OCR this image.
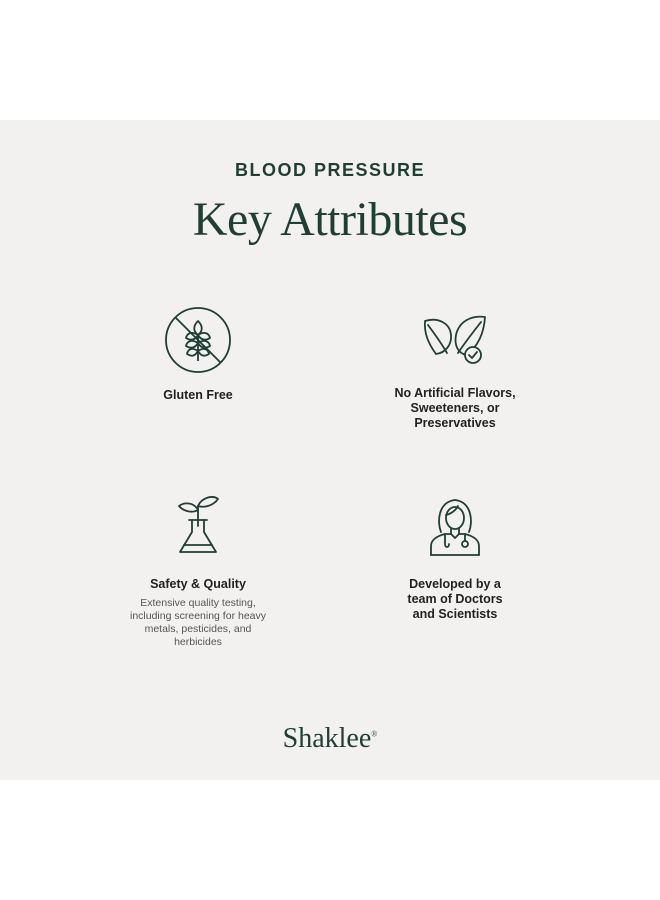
BLOOD PRESSURE
Key Attributes
Gluten Free	No Artificial Flavors,
Sweeteners, or
Preservatives
Safety & Quality
Extensive quality testing,
including screening for heavy
metals, pesticides, and
herbicides
Developed by a
team of Doctors
and Scientists
Shaklee®
